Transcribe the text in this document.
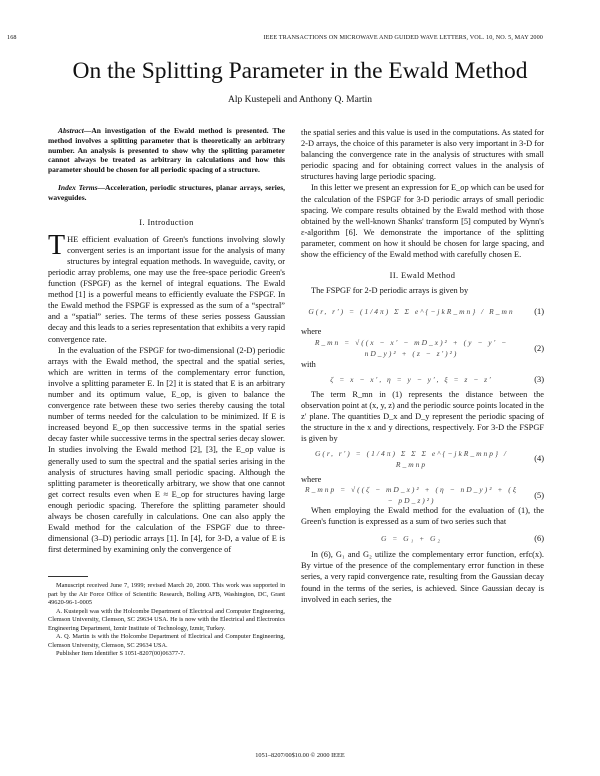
168	IEEE TRANSACTIONS ON MICROWAVE AND GUIDED WAVE LETTERS, VOL. 10, NO. 5, MAY 2000
On the Splitting Parameter in the Ewald Method
Alp Kustepeli and Anthony Q. Martin

Abstract—An investigation of the Ewald method is presented. The method involves a splitting parameter that is theoretically an arbitrary number. An analysis is presented to show why the splitting parameter cannot always be treated as arbitrary in calculations and how this parameter should be chosen for all periodic spacing of a structure.

Index Terms—Acceleration, periodic structures, planar arrays, series, waveguides.

I. Introduction

THE efficient evaluation of Green's functions involving slowly convergent series is an important issue for the analysis of many structures by integral equation methods. In waveguide, cavity, or periodic array problems, one may use the free-space periodic Green's function (FSPGF) as the kernel of integral equations. The Ewald method [1] is a powerful means to efficiently evaluate the FSPGF. In the Ewald method the FSPGF is expressed as the sum of a “spectral” and a “spatial” series. The terms of these series possess Gaussian decay and this leads to a series representation that exhibits a very rapid convergence rate.

In the evaluation of the FSPGF for two-dimensional (2-D) periodic arrays with the Ewald method, the spectral and the spatial series, which are written in terms of the complementary error function, involve a splitting parameter E. In [2] it is stated that E is an arbitrary number and its optimum value, E_op, is given to balance the convergence rate between these two series thereby causing the total number of terms needed for the calculation to be minimized. If E is increased beyond E_op then successive terms in the spatial series decay faster while successive terms in the spectral series decay slower. In studies involving the Ewald method [2], [3], the E_op value is generally used to sum the spectral and the spatial series arising in the analysis of structures having small periodic spacing. Although the splitting parameter is theoretically arbitrary, we show that one cannot get correct results even when E ≈ E_op for structures having large enough periodic spacing. Therefore the splitting parameter should always be chosen carefully in calculations. One can also apply the Ewald method for the calculation of the FSPGF due to three-dimensional (3–D) periodic arrays [1]. In [4], for 3-D, a value of E is first determined by examining only the convergence of

Manuscript received June 7, 1999; revised March 20, 2000. This work was supported in part by the Air Force Office of Scientific Research, Bolling AFB, Washington, DC, Grant 49620-96-1-0005

A. Kustepeli was with the Holcombe Department of Electrical and Computer Engineering, Clemson University, Clemson, SC 29634 USA. He is now with the Electrical and Electronics Engineering Department, Izmir Institute of Technology, Izmir, Turkey.

A. Q. Martin is with the Holcombe Department of Electrical and Computer Engineering, Clemson University, Clemson, SC 29634 USA.

Publisher Item Identifier S 1051-8207(00)06377-7.

the spatial series and this value is used in the computations. As stated for 2-D arrays, the choice of this parameter is also very important in 3-D for balancing the convergence rate in the analysis of structures with small periodic spacing and for obtaining correct values in the analysis of structures having large periodic spacing.

In this letter we present an expression for E_op which can be used for the calculation of the FSPGF for 3-D periodic arrays of small periodic spacing. We compare results obtained by the Ewald method with those obtained by the well-known Shanks' transform [5] computed by Wynn's ε-algorithm [6]. We demonstrate the importance of the splitting parameter, comment on how it should be chosen for large spacing, and show the efficiency of the Ewald method with carefully chosen E.

II. Ewald Method

The FSPGF for 2-D periodic arrays is given by

G(r, r′) = (1/4π) Σ Σ e^{−jkR_mn} / R_mn	(1)

where

R_mn = √((x − x′ − mD_x)² + (y − y′ − nD_y)² + (z − z′)²)
(2)

with

ζ = x − x′, η = y − y′, ξ = z − z′	(3)

The term R_mn in (1) represents the distance between the observation point at (x, y, z) and the periodic source points located in the z′ plane. The quantities D_x and D_y represent the periodic spacing of the structure in the x and y directions, respectively. For 3-D the FSPGF is given by

G(r, r′) = (1/4π) Σ Σ Σ e^{−jkR_mnp} / R_mnp
(4)

where

R_mnp = √((ζ − mD_x)² + (η − nD_y)² + (ξ − pD_z)²)
(5)

When employing the Ewald method for the evaluation of (1), the Green's function is expressed as a sum of two series such that

G = G₁ + G₂	(6)

In (6), G₁ and G₂ utilize the complementary error function, erfc(x). By virtue of the presence of the complementary error function in these series, a very rapid convergence rate, resulting from the Gaussian decay found in the terms of the series, is achieved. Since Gaussian decay is involved in each series, the

1051–8207/00$10.00 © 2000 IEEE
